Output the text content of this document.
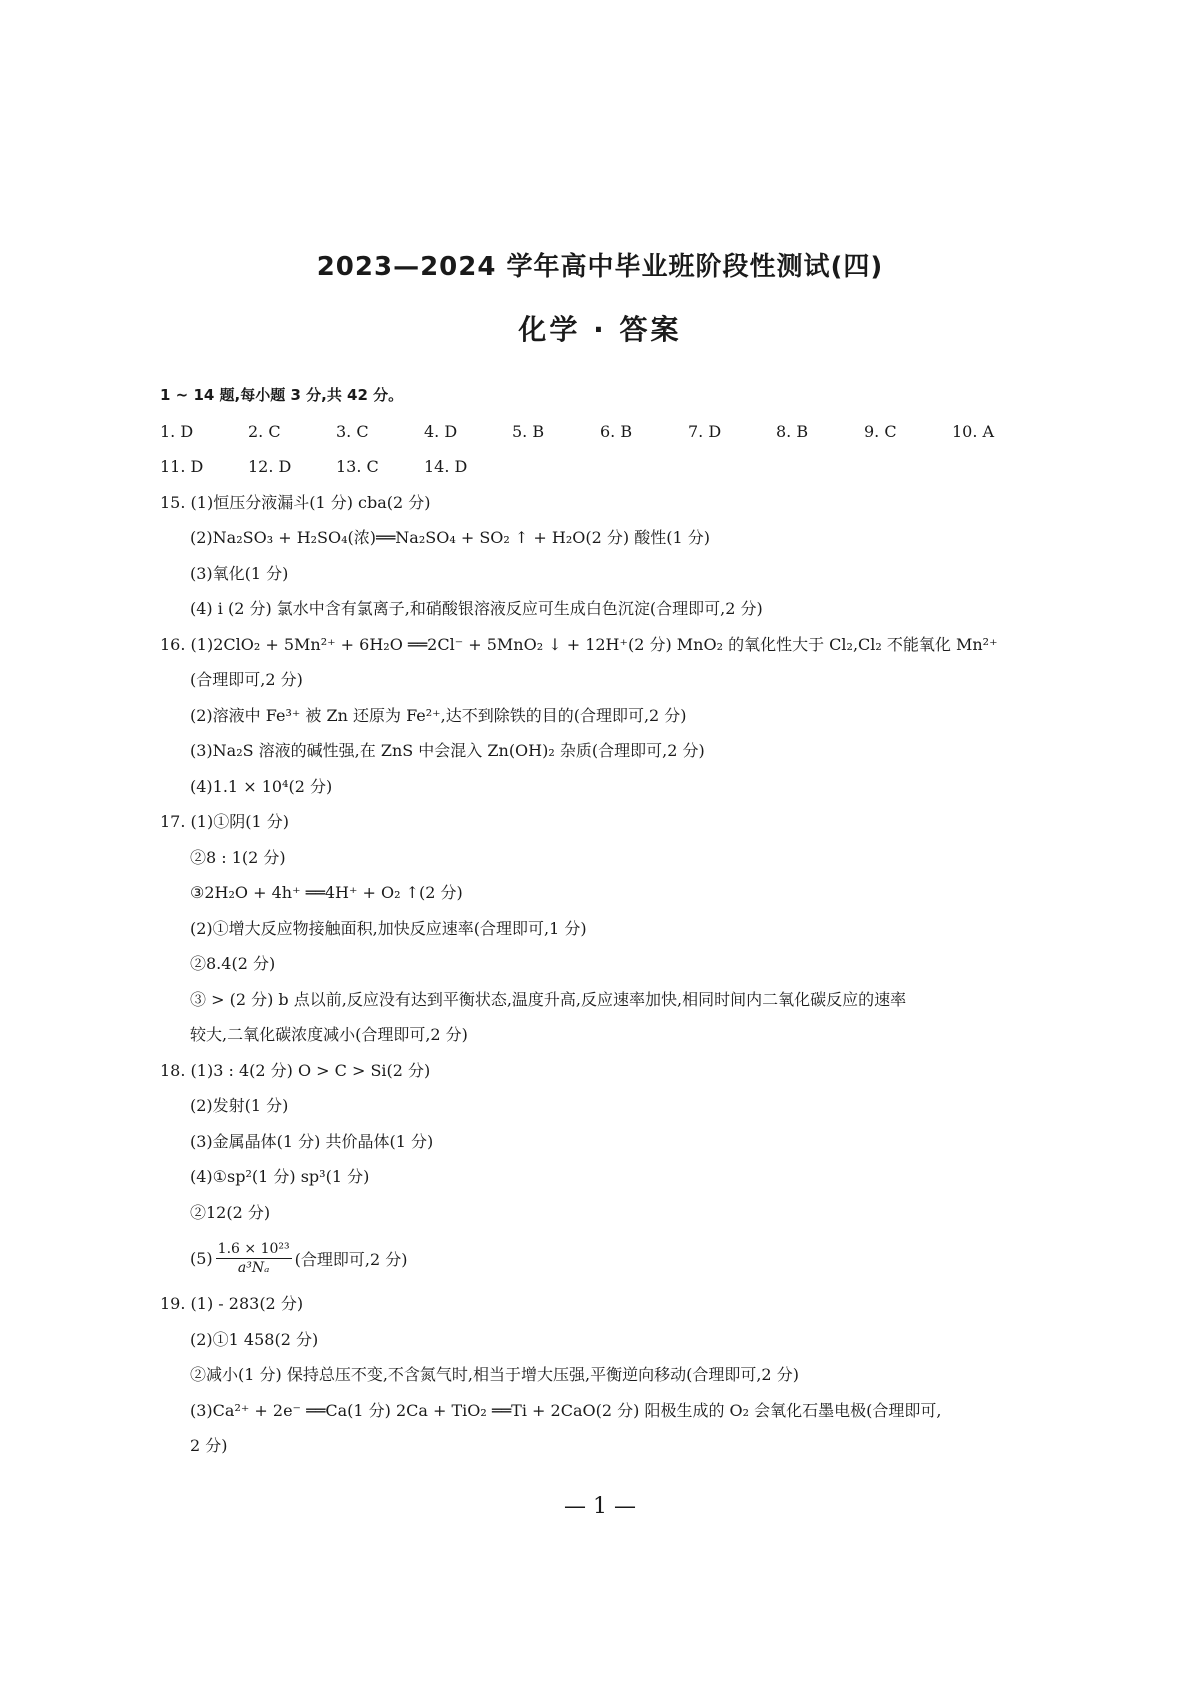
2023—2024 学年高中毕业班阶段性测试(四)
化学 · 答案
1 ~ 14 题,每小题 3 分,共 42 分。
1. D	2. C	3. C	4. D	5. B	6. B	7. D	8. B	9. C	10. A
11. D	12. D	13. C	14. D
15. (1)恒压分液漏斗(1 分) cba(2 分)
(2)Na₂SO₃ + H₂SO₄(浓)══Na₂SO₄ + SO₂ ↑ + H₂O(2 分) 酸性(1 分)
(3)氧化(1 分)
(4) i (2 分) 氯水中含有氯离子,和硝酸银溶液反应可生成白色沉淀(合理即可,2 分)
16. (1)2ClO₂ + 5Mn²⁺ + 6H₂O ══2Cl⁻ + 5MnO₂ ↓ + 12H⁺(2 分) MnO₂ 的氧化性大于 Cl₂,Cl₂ 不能氧化 Mn²⁺
(合理即可,2 分)
(2)溶液中 Fe³⁺ 被 Zn 还原为 Fe²⁺,达不到除铁的目的(合理即可,2 分)
(3)Na₂S 溶液的碱性强,在 ZnS 中会混入 Zn(OH)₂ 杂质(合理即可,2 分)
(4)1.1 × 10⁴(2 分)
17. (1)①阴(1 分)
②8 : 1(2 分)
③2H₂O + 4h⁺ ══4H⁺ + O₂ ↑(2 分)
(2)①增大反应物接触面积,加快反应速率(合理即可,1 分)
②8.4(2 分)
③ > (2 分) b 点以前,反应没有达到平衡状态,温度升高,反应速率加快,相同时间内二氧化碳反应的速率
较大,二氧化碳浓度减小(合理即可,2 分)
18. (1)3 : 4(2 分) O > C > Si(2 分)
(2)发射(1 分)
(3)金属晶体(1 分) 共价晶体(1 分)
(4)①sp²(1 分) sp³(1 分)
②12(2 分)
$(5) \frac{\text{1.6 × 10²³}}{\text{a³Nₐ}}$ (合理即可,2 分)
19. (1) - 283(2 分)
(2)①1 458(2 分)
②减小(1 分) 保持总压不变,不含氮气时,相当于增大压强,平衡逆向移动(合理即可,2 分)
(3)Ca²⁺ + 2e⁻ ══Ca(1 分) 2Ca + TiO₂ ══Ti + 2CaO(2 分) 阳极生成的 O₂ 会氧化石墨电极(合理即可,
2 分)
— 1 —
